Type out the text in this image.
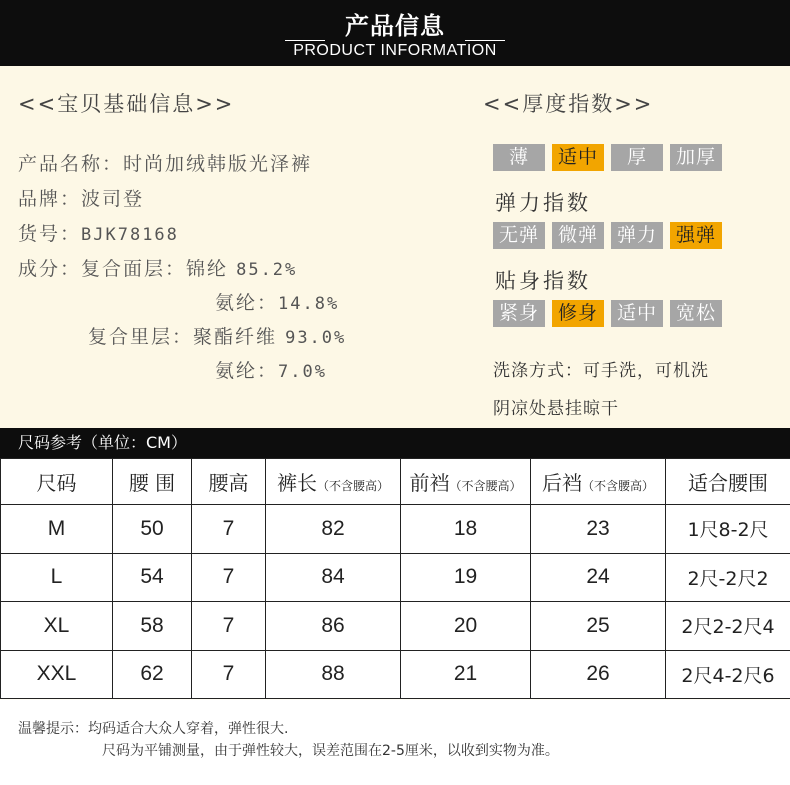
产品信息
PRODUCT INFORMATION
<<宝贝基础信息>>
产品名称：时尚加绒韩版光泽裤
品牌：波司登
货号：BJK78168
成分：复合面层：锦纶 85.2%
氨纶：14.8%
复合里层：聚酯纤维 93.0%
氨纶：7.0%
<<厚度指数>>
薄	适中	厚	加厚
弹力指数
无弹 微弹 弹力 强弹
贴身指数
紧身 修身 适中 宽松
洗涤方式：可手洗，可机洗
阴凉处悬挂晾干
尺码参考（单位：CM）
尺码	腰 围	腰高	裤长（不含腰高）	前裆（不含腰高）	后裆（不含腰高）	适合腰围
M	50	7	82	18	23	1尺8-2尺
L	54	7	84	19	24	2尺-2尺2
XL	58	7	86	20	25	2尺2-2尺4
XXL	62	7	88	21	26	2尺4-2尺6
温馨提示：均码适合大众人穿着，弹性很大.
尺码为平铺测量，由于弹性较大，误差范围在2-5厘米，以收到实物为准。
